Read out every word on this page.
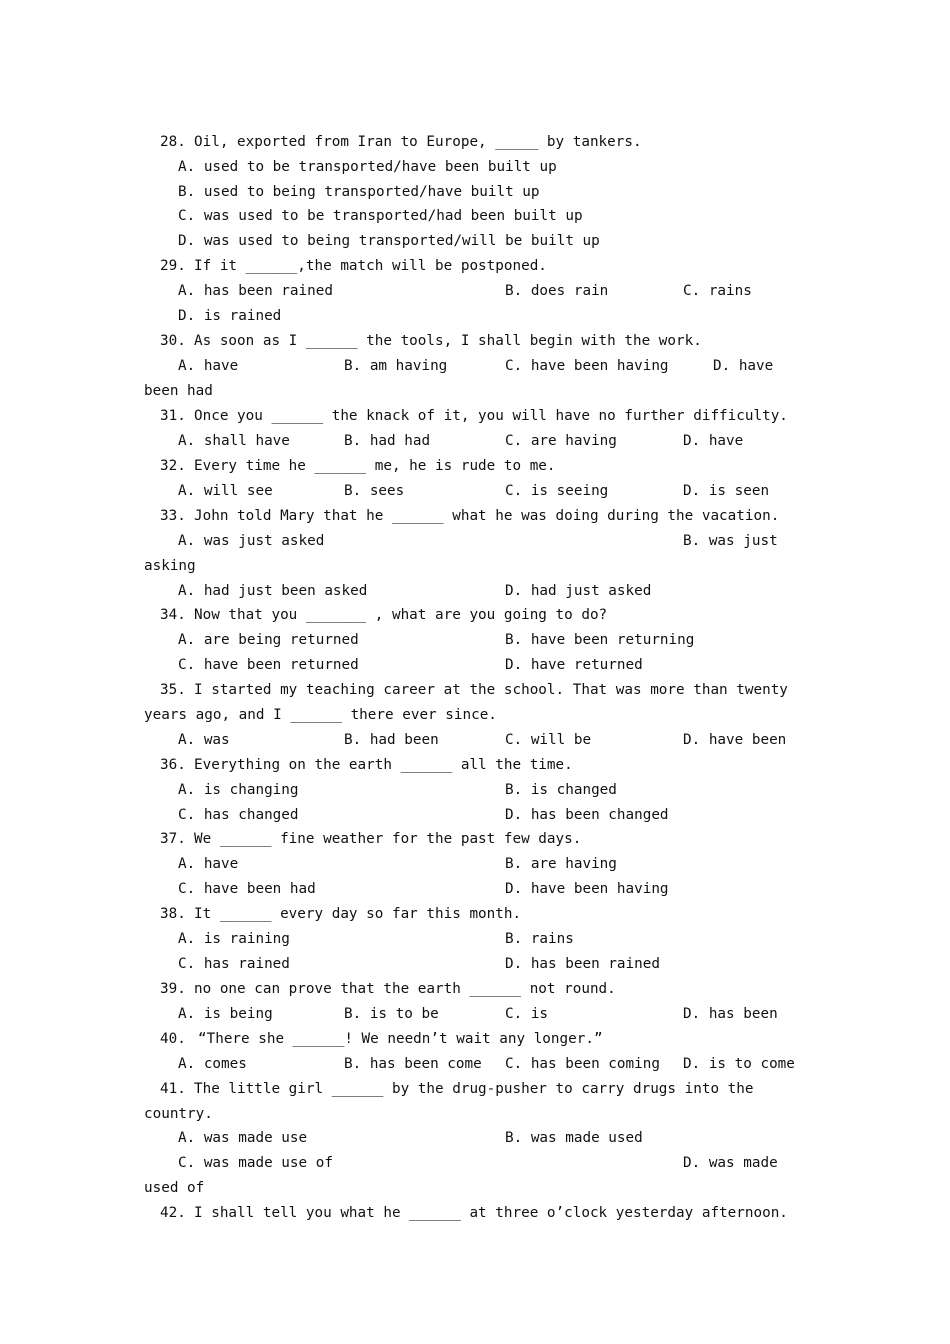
28. Oil, exported from Iran to Europe, _____ by tankers.
A. used to be transported/have been built up
B. used to being transported/have built up
C. was used to be transported/had been built up
D. was used to being transported/will be built up
29. If it ______,the match will be postponed.
A. has been rained	B. does rain	C. rains
D. is rained
30. As soon as I ______ the tools, I shall begin with the work.
A. have	B. am having	C. have been having	D. have
been had
31. Once you ______ the knack of it, you will have no further difficulty.
A. shall have	B. had had	C. are having	D. have
32. Every time he ______ me, he is rude to me.
A. will see	B. sees	C. is seeing	D. is seen
33. John told Mary that he ______ what he was doing during the vacation.
A. was just asked	B. was just
asking
A. had just been asked	D. had just asked
34. Now that you _______ , what are you going to do?
A. are being returned	B. have been returning
C. have been returned	D. have returned
35. I started my teaching career at the school. That was more than twenty
years ago, and I ______ there ever since.
A. was	B. had been	C. will be	D. have been
36. Everything on the earth ______ all the time.
A. is changing	B. is changed
C. has changed	D. has been changed
37. We ______ fine weather for the past few days.
A. have	B. are having
C. have been had	D. have been having
38. It ______ every day so far this month.
A. is raining	B. rains
C. has rained	D. has been rained
39. no one can prove that the earth ______ not round.
A. is being	B. is to be	C. is	D. has been
40. “There she ______! We needn’t wait any longer.”
A. comes	B. has been come C. has been coming D. is to come
41. The little girl ______ by the drug-pusher to carry drugs into the
country.
A. was made use	B. was made used
C. was made use of	D. was made
used of
42. I shall tell you what he ______ at three o’clock yesterday afternoon.
